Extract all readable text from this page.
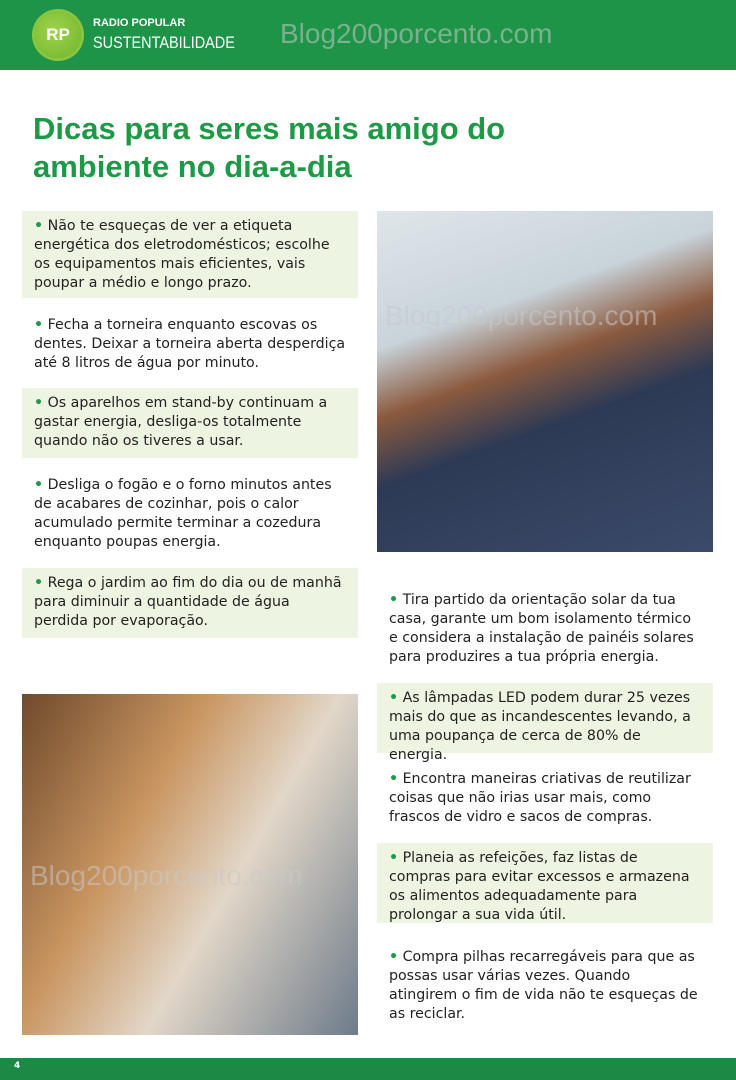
RP
RADIO POPULAR
SUSTENTABILIDADE
Dicas para seres mais amigo do ambiente no dia-a-dia
• Não te esqueças de ver a etiqueta energética dos eletrodomésticos; escolhe os equipamentos mais eficientes, vais poupar a médio e longo prazo.
• Fecha a torneira enquanto escovas os dentes. Deixar a torneira aberta desperdiça até 8 litros de água por minuto.
• Os aparelhos em stand-by continuam a gastar energia, desliga-os totalmente quando não os tiveres a usar.
• Desliga o fogão e o forno minutos antes de acabares de cozinhar, pois o calor acumulado permite terminar a cozedura enquanto poupas energia.
• Rega o jardim ao fim do dia ou de manhã para diminuir a quantidade de água perdida por evaporação.
• Tira partido da orientação solar da tua casa, garante um bom isolamento térmico e considera a instalação de painéis solares para produzires a tua própria energia.
• As lâmpadas LED podem durar 25 vezes mais do que as incandescentes levando, a uma poupança de cerca de 80% de energia.
• Encontra maneiras criativas de reutilizar coisas que não irias usar mais, como frascos de vidro e sacos de compras.
• Planeia as refeições, faz listas de compras para evitar excessos e armazena os alimentos adequadamente para prolongar a sua vida útil.
• Compra pilhas recarregáveis para que as possas usar várias vezes. Quando atingirem o fim de vida não te esqueças de as reciclar.
Blog200porcento.com
Blog200porcento.com
Blog200porcento.com
4
